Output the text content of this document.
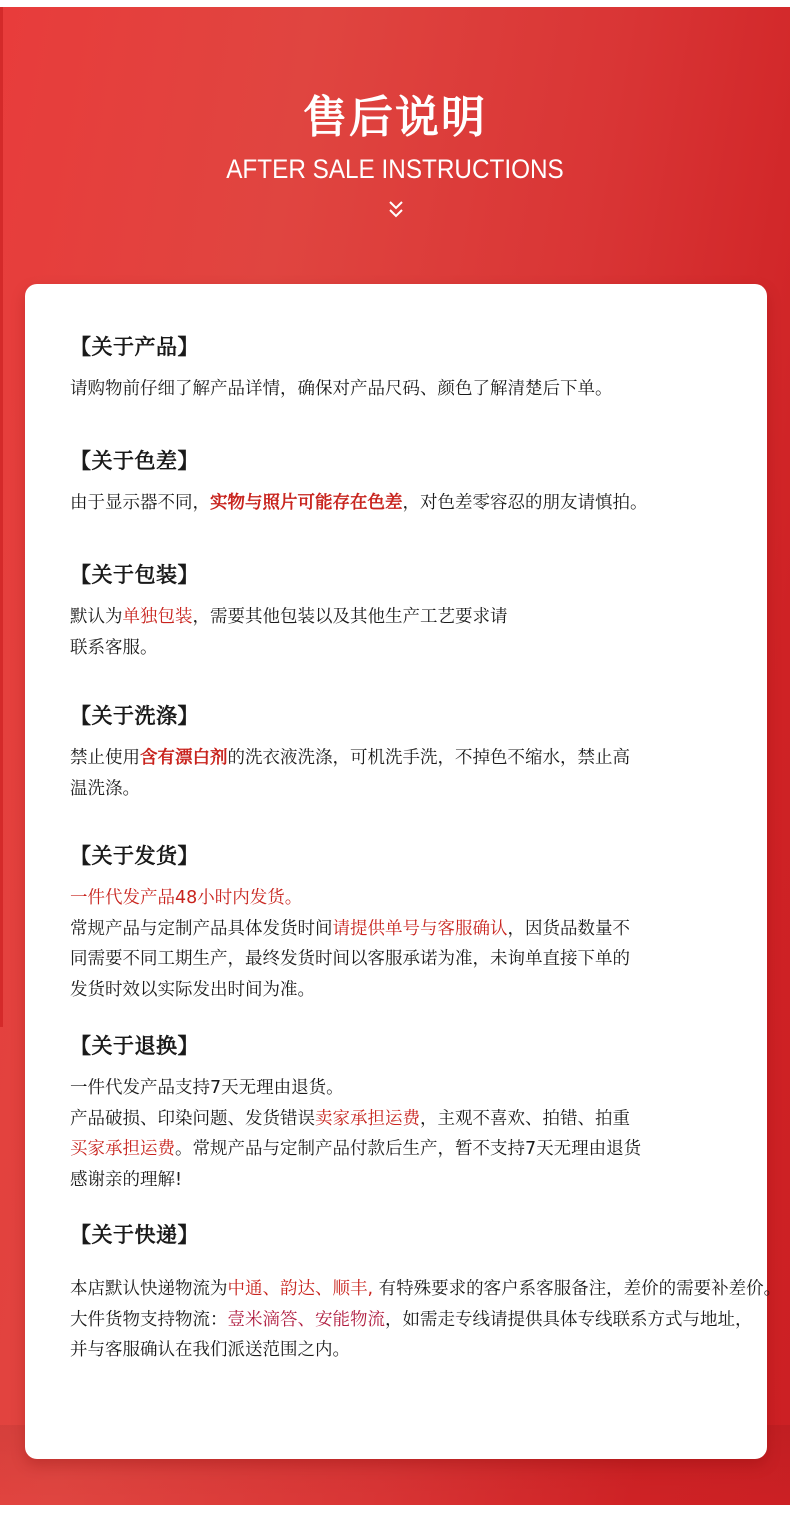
售后说明
AFTER SALE INSTRUCTIONS
【关于产品】
请购物前仔细了解产品详情，确保对产品尺码、颜色了解清楚后下单。
【关于色差】
由于显示器不同，实物与照片可能存在色差，对色差零容忍的朋友请慎拍。
【关于包装】
默认为单独包装，需要其他包装以及其他生产工艺要求请
联系客服。
【关于洗涤】
禁止使用含有漂白剂的洗衣液洗涤，可机洗手洗，不掉色不缩水，禁止高
温洗涤。
【关于发货】
一件代发产品48小时内发货。
常规产品与定制产品具体发货时间请提供单号与客服确认，因货品数量不
同需要不同工期生产，最终发货时间以客服承诺为准，未询单直接下单的
发货时效以实际发出时间为准。
【关于退换】
一件代发产品支持7天无理由退货。
产品破损、印染问题、发货错误卖家承担运费，主观不喜欢、拍错、拍重
买家承担运费。常规产品与定制产品付款后生产，暂不支持7天无理由退货
感谢亲的理解!
【关于快递】
本店默认快递物流为中通、韵达、顺丰, 有特殊要求的客户系客服备注，差价的需要补差价。
大件货物支持物流：壹米滴答、安能物流，如需走专线请提供具体专线联系方式与地址，
并与客服确认在我们派送范围之内。
